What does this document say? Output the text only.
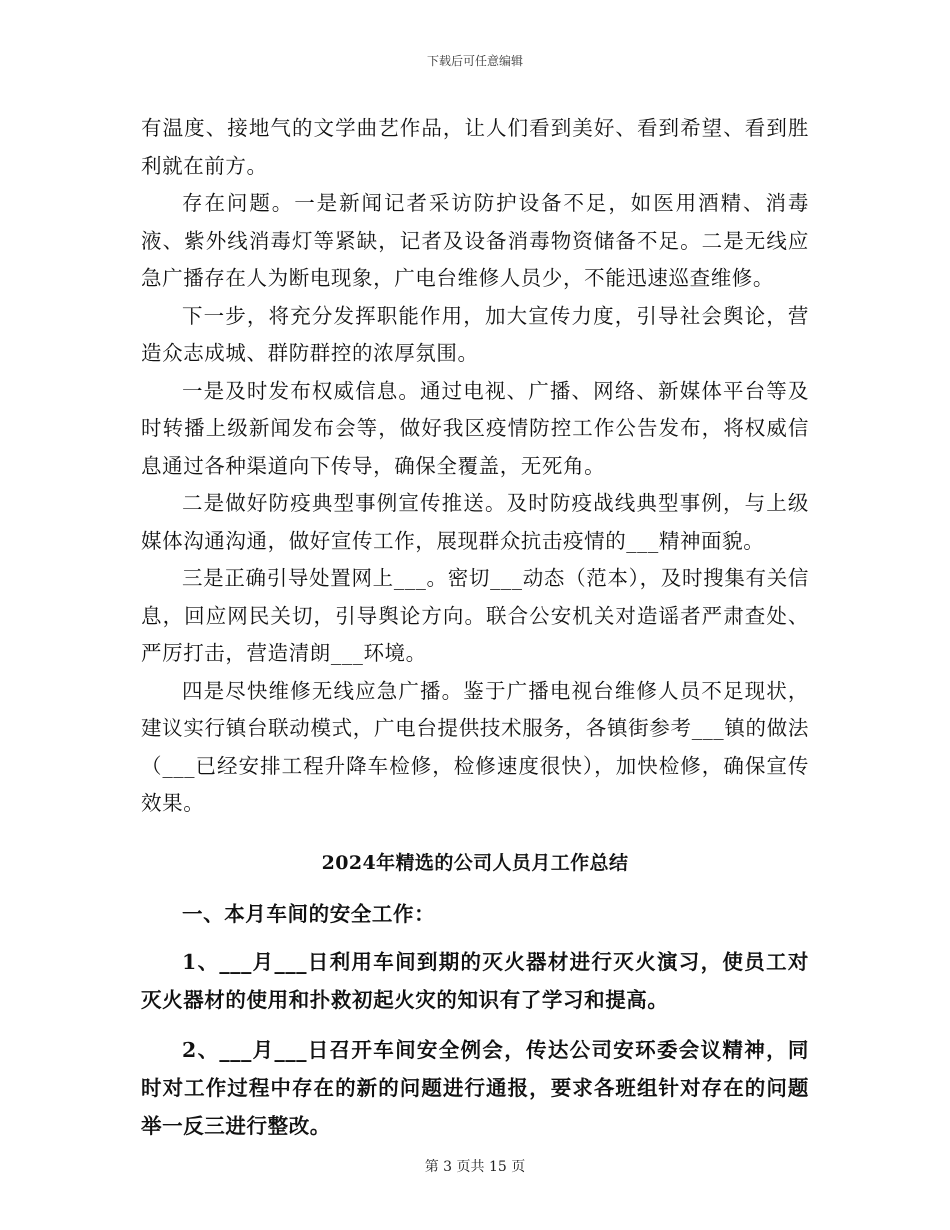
下载后可任意编辑

有温度、接地气的文学曲艺作品，让人们看到美好、看到希望、看到胜利就在前方。

存在问题。一是新闻记者采访防护设备不足，如医用酒精、消毒液、紫外线消毒灯等紧缺，记者及设备消毒物资储备不足。二是无线应急广播存在人为断电现象，广电台维修人员少，不能迅速巡查维修。

下一步，将充分发挥职能作用，加大宣传力度，引导社会舆论，营造众志成城、群防群控的浓厚氛围。

一是及时发布权威信息。通过电视、广播、网络、新媒体平台等及时转播上级新闻发布会等，做好我区疫情防控工作公告发布，将权威信息通过各种渠道向下传导，确保全覆盖，无死角。

二是做好防疫典型事例宣传推送。及时防疫战线典型事例，与上级媒体沟通沟通，做好宣传工作，展现群众抗击疫情的___精神面貌。

三是正确引导处置网上___。密切___动态（范本），及时搜集有关信息，回应网民关切，引导舆论方向。联合公安机关对造谣者严肃查处、严厉打击，营造清朗___环境。

四是尽快维修无线应急广播。鉴于广播电视台维修人员不足现状，建议实行镇台联动模式，广电台提供技术服务，各镇街参考___镇的做法（___已经安排工程升降车检修，检修速度很快），加快检修，确保宣传效果。

2024年精选的公司人员月工作总结

一、本月车间的安全工作：

1、___月___日利用车间到期的灭火器材进行灭火演习，使员工对灭火器材的使用和扑救初起火灾的知识有了学习和提高。

2、___月___日召开车间安全例会，传达公司安环委会议精神，同时对工作过程中存在的新的问题进行通报，要求各班组针对存在的问题举一反三进行整改。

第 3 页共 15 页
